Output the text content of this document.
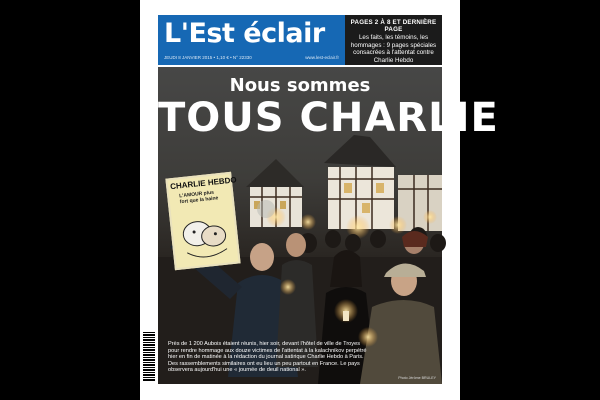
L'Est éclair
JEUDI 8 JANVIER 2015 • 1,10 € • N° 22330	www.lest-eclair.fr
PAGES 2 À 8 ET DERNIÈRE PAGE
Les faits, les témoins, les hommages : 9 pages spéciales consacrées à l'attentat contre Charlie Hebdo
Nous sommes
TOUS CHARLIE
CHARLIE HEBDO
L'AMOUR plus fort que la haine
Près de 1 200 Aubois étaient réunis, hier soir, devant l'hôtel de ville de Troyes pour rendre hommage aux douze victimes de l'attentat à la kalachnikov perpétré hier en fin de matinée à la rédaction du journal satirique Charlie Hebdo à Paris. Des rassemblements similaires ont eu lieu un peu partout en France. Le pays observera aujourd'hui une « journée de deuil national ».
Photo Jérôme BRULEY
